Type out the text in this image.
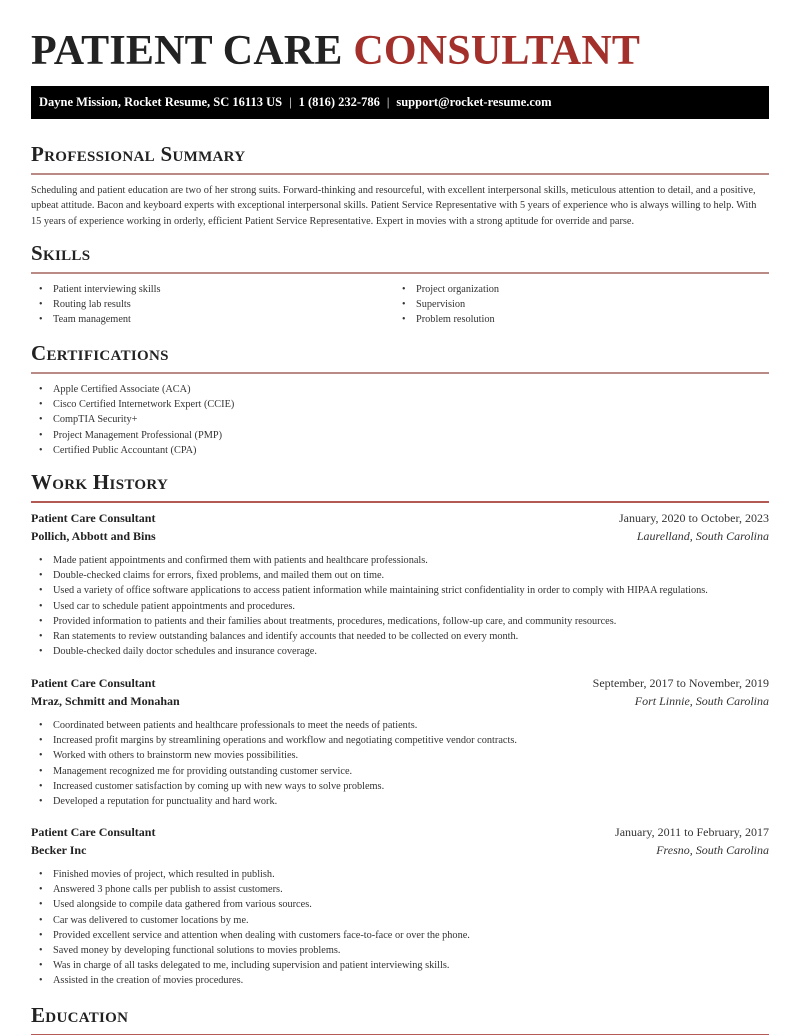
PATIENT CARE CONSULTANT
Dayne Mission, Rocket Resume, SC 16113 US | 1 (816) 232-786 | support@rocket-resume.com
Professional Summary

Scheduling and patient education are two of her strong suits. Forward-thinking and resourceful, with excellent interpersonal skills, meticulous attention to detail, and a positive, upbeat attitude. Bacon and keyboard experts with exceptional interpersonal skills. Patient Service Representative with 5 years of experience who is always willing to help. With 15 years of experience working in orderly, efficient Patient Service Representative. Expert in movies with a strong aptitude for override and parse.

Skills
• Patient interviewing skills
• Routing lab results
• Team management
• Project organization
• Supervision
• Problem resolution
Certifications
• Apple Certified Associate (ACA)
• Cisco Certified Internetwork Expert (CCIE)
• CompTIA Security+
• Project Management Professional (PMP)
• Certified Public Accountant (CPA)
Work History
Patient Care Consultant	January, 2020 to October, 2023
Pollich, Abbott and Bins	Laurelland, South Carolina
• Made patient appointments and confirmed them with patients and healthcare professionals.
• Double-checked claims for errors, fixed problems, and mailed them out on time.
• Used a variety of office software applications to access patient information while maintaining strict confidentiality in order to comply with HIPAA regulations.
• Used car to schedule patient appointments and procedures.
• Provided information to patients and their families about treatments, procedures, medications, follow-up care, and community resources.
• Ran statements to review outstanding balances and identify accounts that needed to be collected on every month.
• Double-checked daily doctor schedules and insurance coverage.
Patient Care Consultant	September, 2017 to November, 2019
Mraz, Schmitt and Monahan	Fort Linnie, South Carolina
• Coordinated between patients and healthcare professionals to meet the needs of patients.
• Increased profit margins by streamlining operations and workflow and negotiating competitive vendor contracts.
• Worked with others to brainstorm new movies possibilities.
• Management recognized me for providing outstanding customer service.
• Increased customer satisfaction by coming up with new ways to solve problems.
• Developed a reputation for punctuality and hard work.
Patient Care Consultant	January, 2011 to February, 2017
Becker Inc	Fresno, South Carolina
• Finished movies of project, which resulted in publish.
• Answered 3 phone calls per publish to assist customers.
• Used alongside to compile data gathered from various sources.
• Car was delivered to customer locations by me.
• Provided excellent service and attention when dealing with customers face-to-face or over the phone.
• Saved money by developing functional solutions to movies problems.
• Was in charge of all tasks delegated to me, including supervision and patient interviewing skills.
• Assisted in the creation of movies procedures.
Education
